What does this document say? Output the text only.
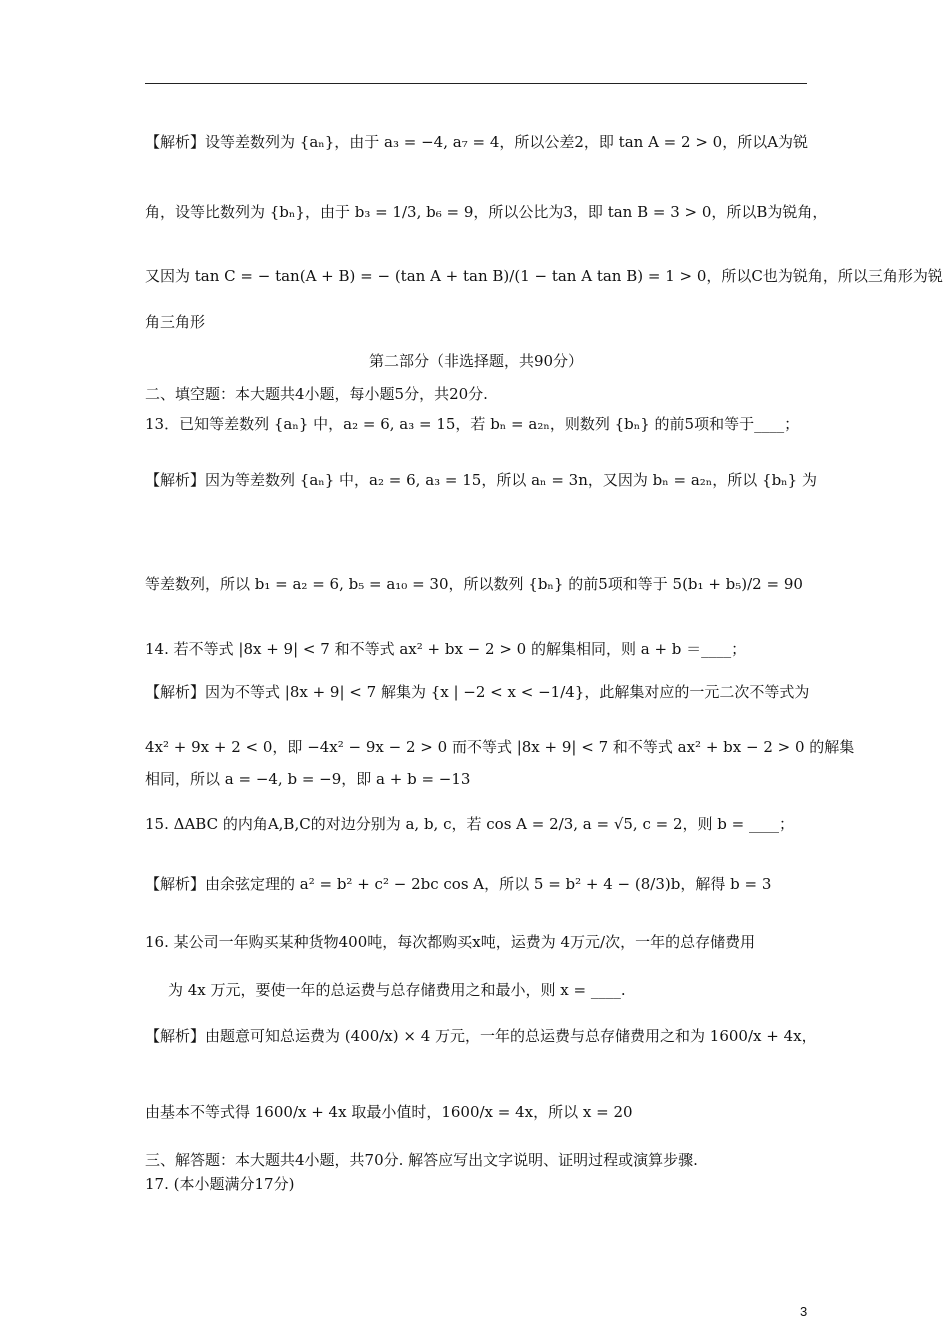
【解析】设等差数列为 {aₙ}，由于 a₃ = −4, a₇ = 4，所以公差2，即 tan A = 2 > 0，所以A为锐
角，设等比数列为 {bₙ}，由于 b₃ = 1/3, b₆ = 9，所以公比为3，即 tan B = 3 > 0，所以B为锐角，
又因为 tan C = − tan(A + B) = − (tan A + tan B)/(1 − tan A tan B) = 1 > 0，所以C也为锐角，所以三角形为锐
角三角形
第二部分（非选择题，共90分）
二、填空题：本大题共4小题，每小题5分，共20分.
13．已知等差数列 {aₙ} 中，a₂ = 6, a₃ = 15，若 bₙ = a₂ₙ，则数列 {bₙ} 的前5项和等于____；
【解析】因为等差数列 {aₙ} 中，a₂ = 6, a₃ = 15，所以 aₙ = 3n，又因为 bₙ = a₂ₙ，所以 {bₙ} 为
等差数列，所以 b₁ = a₂ = 6, b₅ = a₁₀ = 30，所以数列 {bₙ} 的前5项和等于 5(b₁ + b₅)/2 = 90
14. 若不等式 |8x + 9| < 7 和不等式 ax² + bx − 2 > 0 的解集相同，则 a + b ＝____；
【解析】因为不等式 |8x + 9| < 7 解集为 {x | −2 < x < −1/4}，此解集对应的一元二次不等式为
4x² + 9x + 2 < 0，即 −4x² − 9x − 2 > 0 而不等式 |8x + 9| < 7 和不等式 ax² + bx − 2 > 0 的解集
相同，所以 a = −4, b = −9，即 a + b = −13
15. ΔABC 的内角A,B,C的对边分别为 a, b, c，若 cos A = 2/3, a = √5, c = 2，则 b = ____；
【解析】由余弦定理的 a² = b² + c² − 2bc cos A，所以 5 = b² + 4 − (8/3)b，解得 b = 3
16. 某公司一年购买某种货物400吨，每次都购买x吨，运费为 4万元/次，一年的总存储费用
为 4x 万元，要使一年的总运费与总存储费用之和最小，则 x = ____.
【解析】由题意可知总运费为 (400/x) × 4 万元，一年的总运费与总存储费用之和为 1600/x + 4x，
由基本不等式得 1600/x + 4x 取最小值时，1600/x = 4x，所以 x = 20
三、解答题：本大题共4小题，共70分. 解答应写出文字说明、证明过程或演算步骤.
17. (本小题满分17分)
3
